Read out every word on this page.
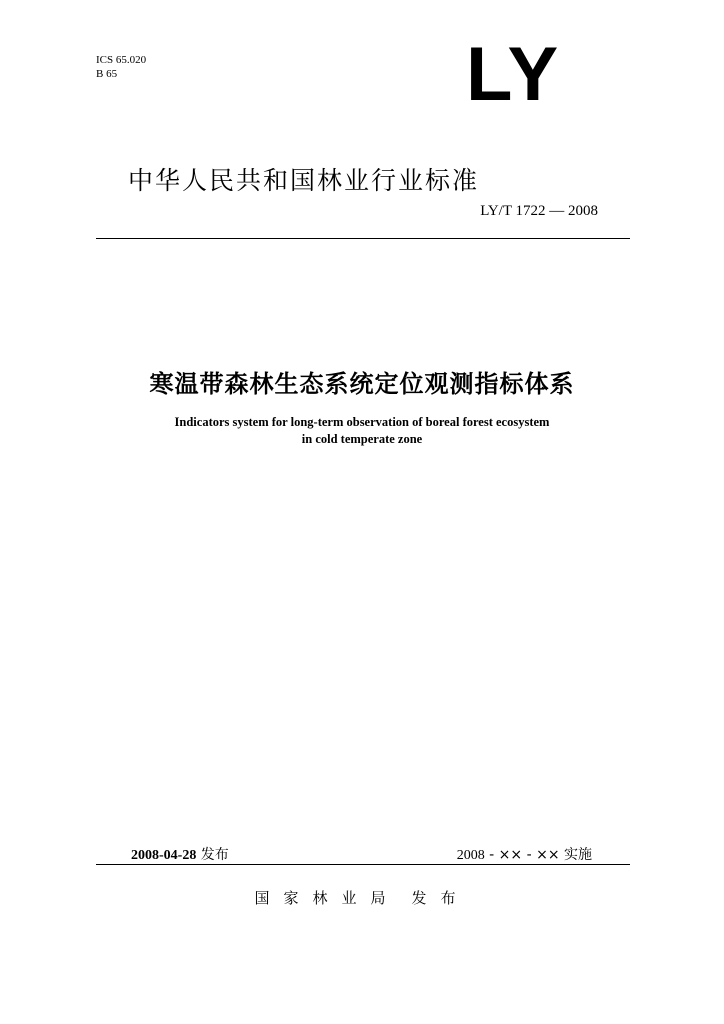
ICS 65.020
B 65	LY
中华人民共和国林业行业标准
LY/T 1722 — 2008
寒温带森林生态系统定位观测指标体系
Indicators system for long-term observation of boreal forest ecosystem
in cold temperate zone
2008-04-28 发布	2008 - ×× - ×× 实施
国家林业局 发布
